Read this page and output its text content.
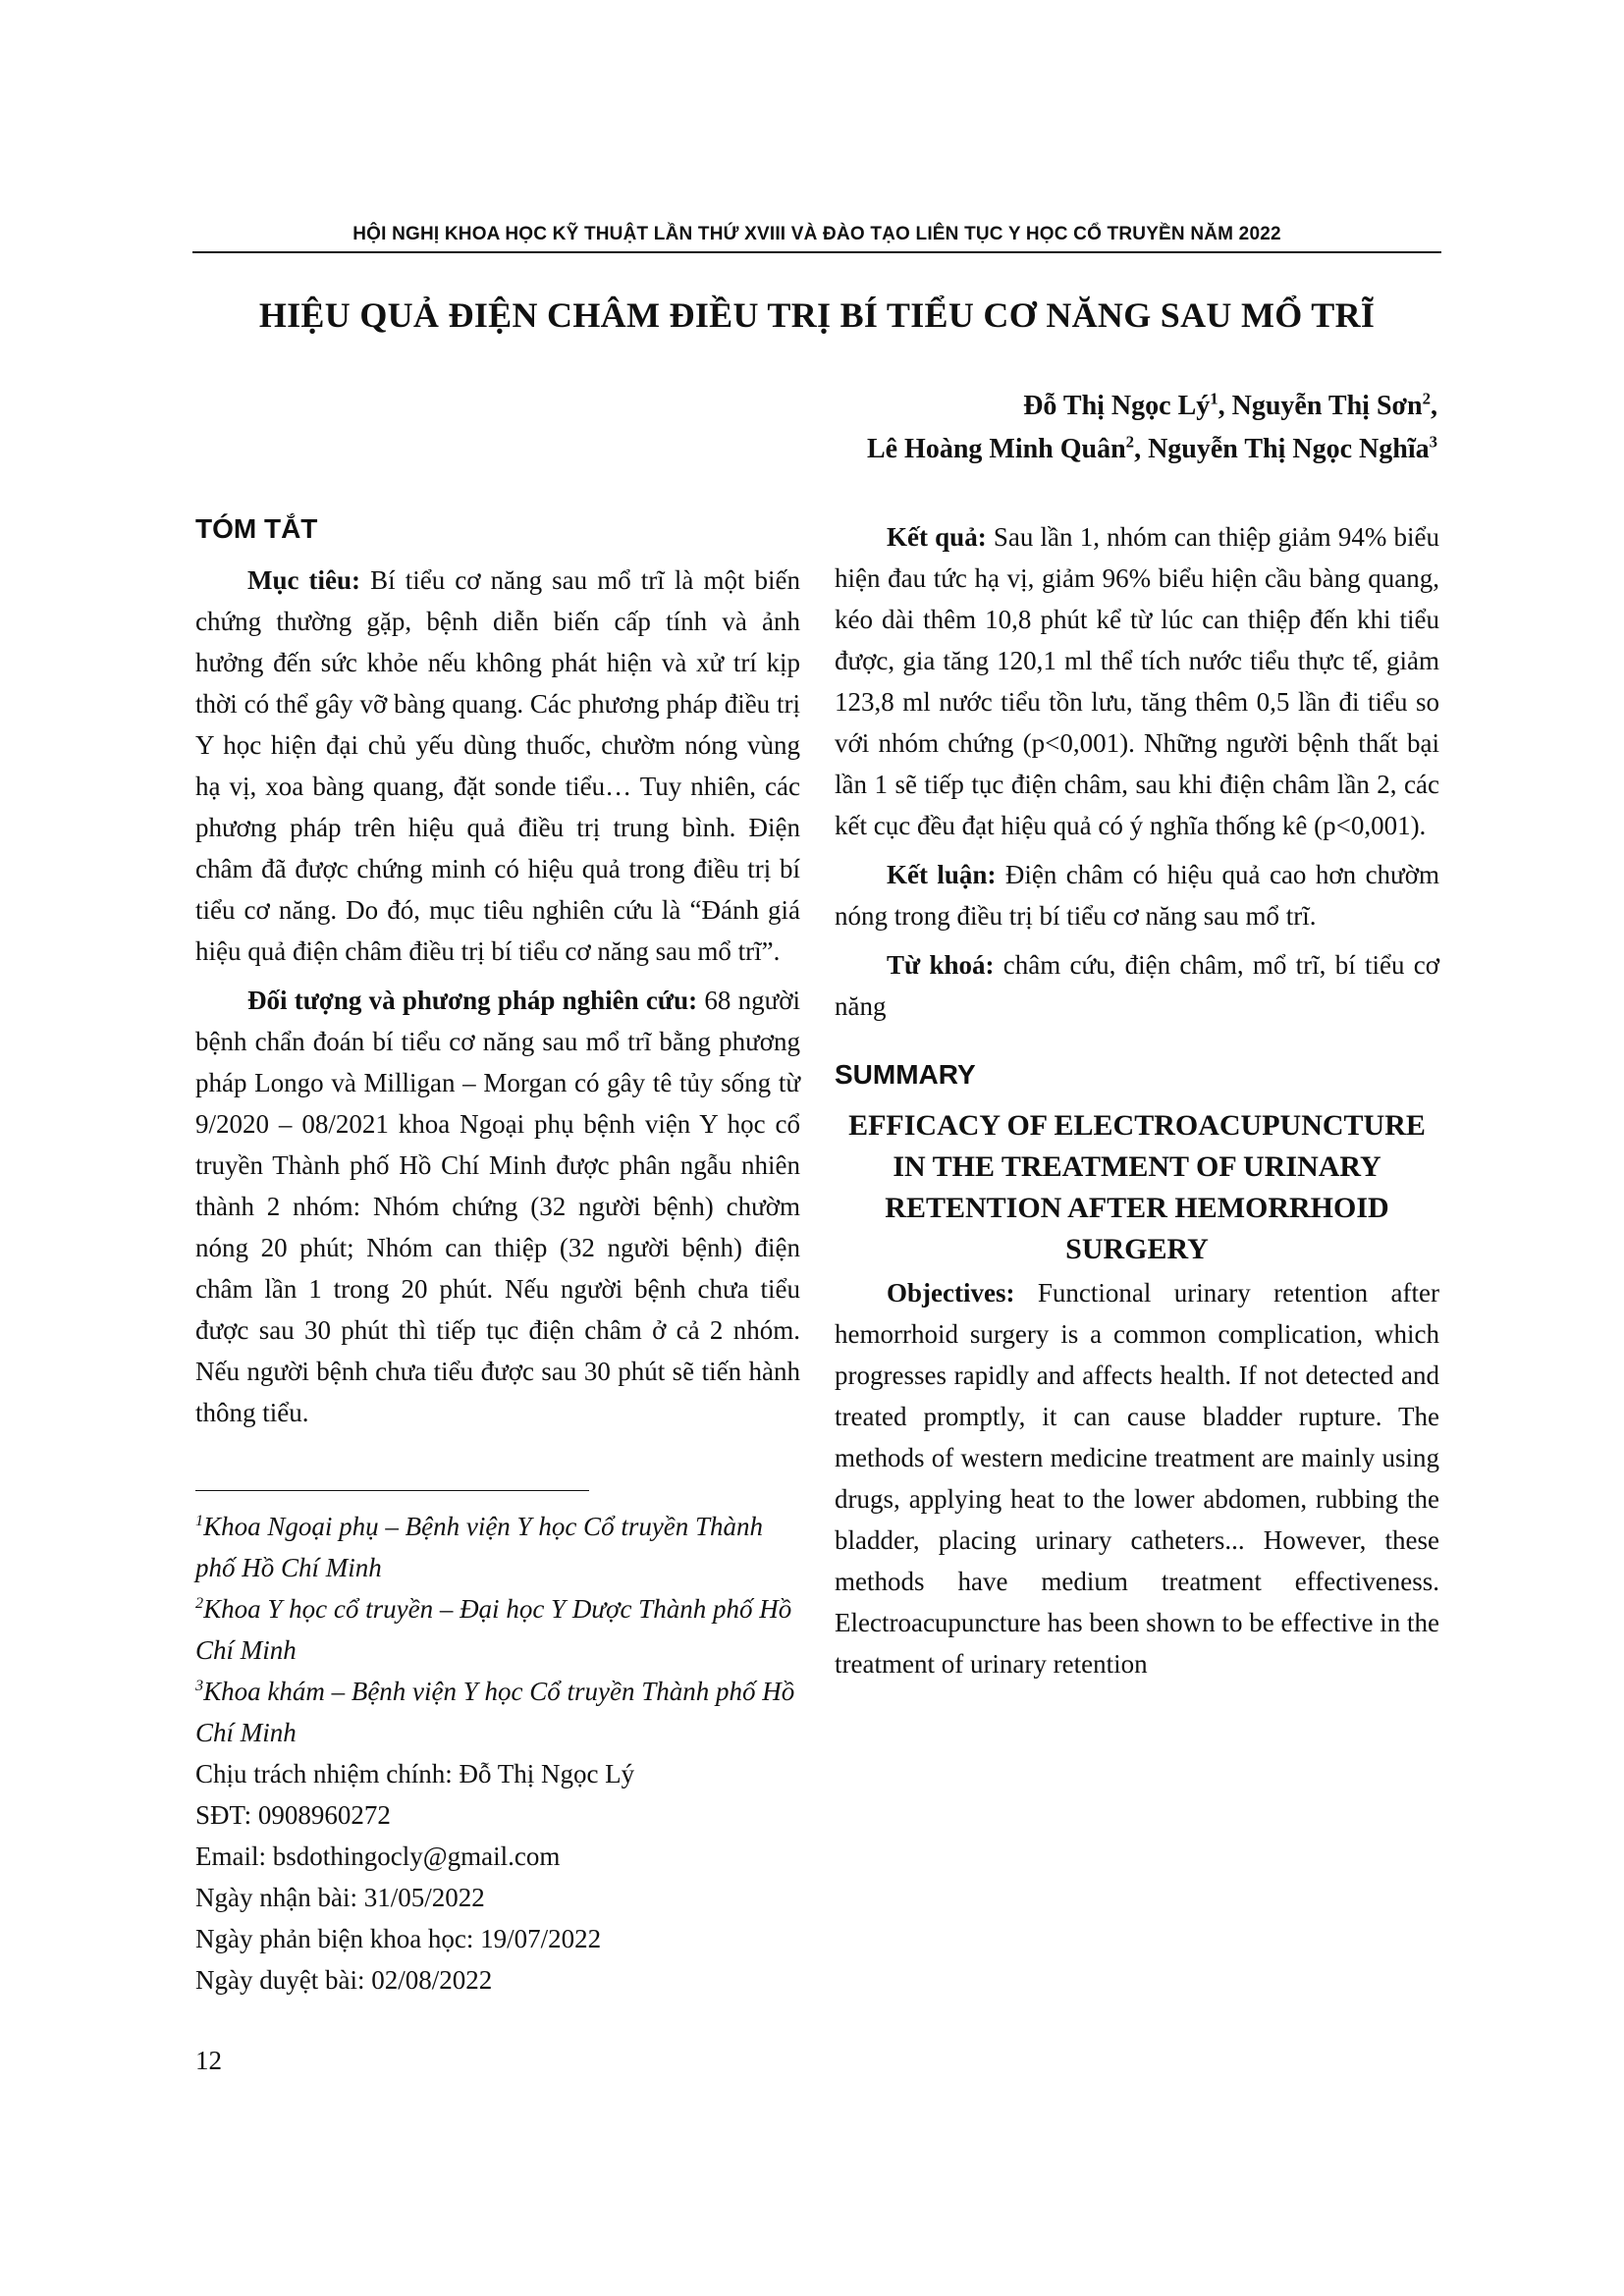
HỘI NGHỊ KHOA HỌC KỸ THUẬT LẦN THỨ XVIII VÀ ĐÀO TẠO LIÊN TỤC Y HỌC CỔ TRUYỀN NĂM 2022
HIỆU QUẢ ĐIỆN CHÂM ĐIỀU TRỊ BÍ TIỂU CƠ NĂNG SAU MỔ TRĨ
Đỗ Thị Ngọc $Lý^1$, Nguyễn Thị Sơn$^2$,
Lê Hoàng Minh Quân$^2$, Nguyễn Thị Ngọc Nghĩa$^3$
TÓM TẮT

Mục tiêu: Bí tiểu cơ năng sau mổ trĩ là một biến chứng thường gặp, bệnh diễn biến cấp tính và ảnh hưởng đến sức khỏe nếu không phát hiện và xử trí kịp thời có thể gây vỡ bàng quang. Các phương pháp điều trị Y học hiện đại chủ yếu dùng thuốc, chườm nóng vùng hạ vị, xoa bàng quang, đặt sonde tiểu… Tuy nhiên, các phương pháp trên hiệu quả điều trị trung bình. Điện châm đã được chứng minh có hiệu quả trong điều trị bí tiểu cơ năng. Do đó, mục tiêu nghiên cứu là “Đánh giá hiệu quả điện châm điều trị bí tiểu cơ năng sau mổ trĩ”.

Đối tượng và phương pháp nghiên cứu: 68 người bệnh chẩn đoán bí tiểu cơ năng sau mổ trĩ bằng phương pháp Longo và Milligan – Morgan có gây tê tủy sống từ 9/2020 – 08/2021 khoa Ngoại phụ bệnh viện Y học cổ truyền Thành phố Hồ Chí Minh được phân ngẫu nhiên thành 2 nhóm: Nhóm chứng (32 người bệnh) chườm nóng 20 phút; Nhóm can thiệp (32 người bệnh) điện châm lần 1 trong 20 phút. Nếu người bệnh chưa tiểu được sau 30 phút thì tiếp tục điện châm ở cả 2 nhóm. Nếu người bệnh chưa tiểu được sau 30 phút sẽ tiến hành thông tiểu.

Kết quả: Sau lần 1, nhóm can thiệp giảm 94% biểu hiện đau tức hạ vị, giảm 96% biểu hiện cầu bàng quang, kéo dài thêm 10,8 phút kể từ lúc can thiệp đến khi tiểu được, gia tăng 120,1 ml thể tích nước tiểu thực tế, giảm 123,8 ml nước tiểu tồn lưu, tăng thêm 0,5 lần đi tiểu so với nhóm chứng (p<0,001). Những người bệnh thất bại lần 1 sẽ tiếp tục điện châm, sau khi điện châm lần 2, các kết cục đều đạt hiệu quả có ý nghĩa thống kê (p<0,001).

Kết luận: Điện châm có hiệu quả cao hơn chườm nóng trong điều trị bí tiểu cơ năng sau mổ trĩ.

Từ khoá: châm cứu, điện châm, mổ trĩ, bí tiểu cơ năng

SUMMARY
EFFICACY OF ELECTROACUPUNCTURE IN THE TREATMENT OF URINARY RETENTION AFTER HEMORRHOID SURGERY

Objectives: Functional urinary retention after hemorrhoid surgery is a common complication, which progresses rapidly and affects health. If not detected and treated promptly, it can cause bladder rupture. The methods of western medicine treatment are mainly using drugs, applying heat to the lower abdomen, rubbing the bladder, placing urinary catheters... However, these methods have medium treatment effectiveness. Electroacupuncture has been shown to be effective in the treatment of urinary retention

$^1$Khoa Ngoại phụ – Bệnh viện Y học Cổ truyền Thành phố Hồ Chí Minh
$^2$Khoa Y học cổ truyền – Đại học Y Dược Thành phố Hồ Chí Minh
$^3$Khoa khám – Bệnh viện Y học Cổ truyền Thành phố Hồ Chí Minh
Chịu trách nhiệm chính: Đỗ Thị Ngọc Lý
SĐT: 0908960272
Email: bsdothingocly@gmail.com
Ngày nhận bài: 31/05/2022
Ngày phản biện khoa học: 19/07/2022
Ngày duyệt bài: 02/08/2022
12
